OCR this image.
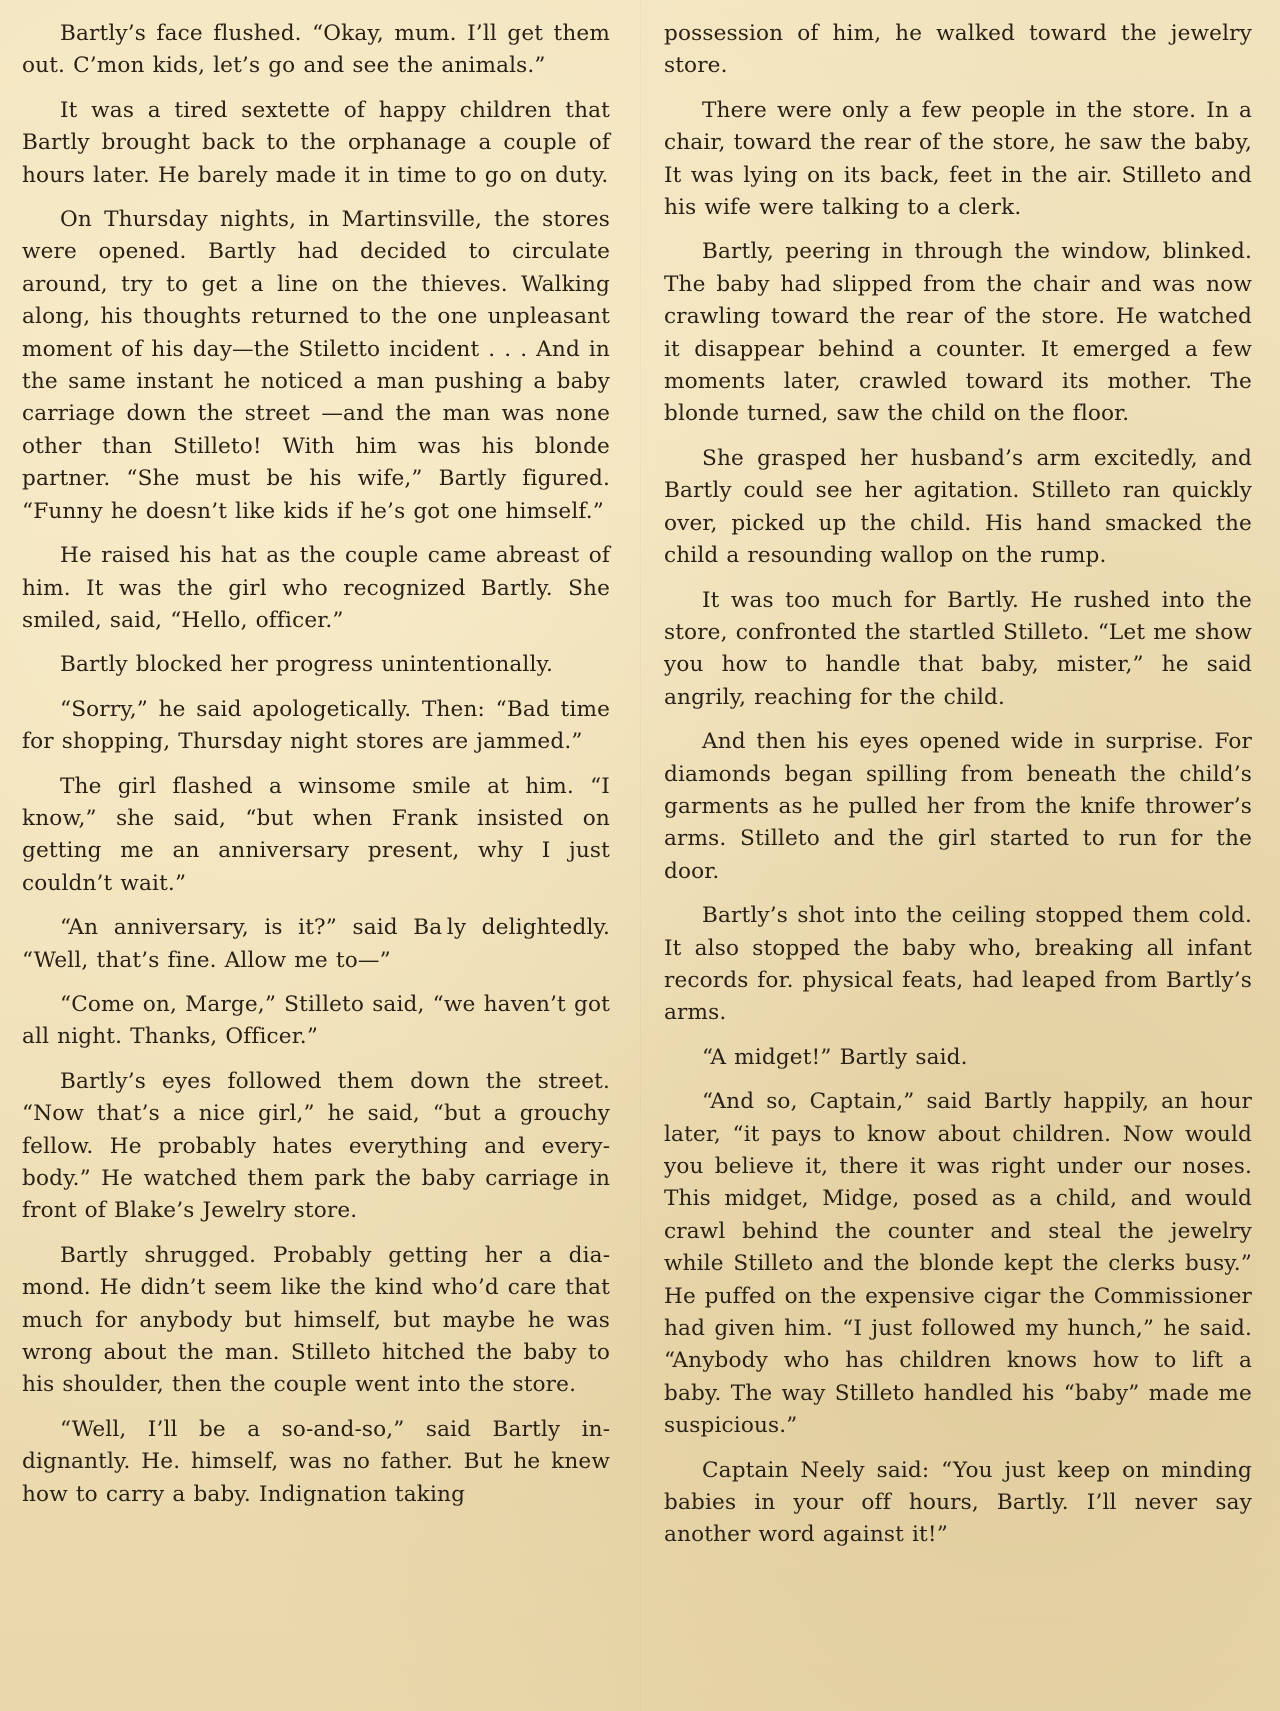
Bartly’s face flushed. “Okay, mum. I’ll get them out. C’mon kids, let’s go and see the animals.”

It was a tired sextette of happy children that Bartly brought back to the orphanage a couple of hours later. He barely made it in time to go on duty.

On Thursday nights, in Martinsville, the stores were opened. Bartly had decided to circulate around, try to get a line on the thieves. Walking along, his thoughts returned to the one unpleasant moment of his day—the Stiletto incident . . . And in the same instant he noticed a man pushing a baby carriage down the street —and the man was none other than Stilleto! With him was his blonde partner. “She must be his wife,” Bartly figured. “Funny he doesn’t like kids if he’s got one himself.”

He raised his hat as the couple came abreast of him. It was the girl who recognized Bartly. She smiled, said, “Hello, officer.”

Bartly blocked her progress unintentionally.

“Sorry,” he said apologetically. Then: “Bad time for shopping, Thursday night stores are jammed.”

The girl flashed a winsome smile at him. “I know,” she said, “but when Frank insisted on getting me an anniversary present, why I just couldn’t wait.”

“An anniversary, is it?” said Ba ly delightedly. “Well, that’s fine. Allow me to—”

“Come on, Marge,” Stilleto said, “we haven’t got all night. Thanks, Officer.”

Bartly’s eyes followed them down the street. “Now that’s a nice girl,” he said, “but a grouchy fellow. He probably hates everything and everybody.” He watched them park the baby carriage in front of Blake’s Jewelry store.

Bartly shrugged. Probably getting her a diamond. He didn’t seem like the kind who’d care that much for anybody but himself, but maybe he was wrong about the man. Stilleto hitched the baby to his shoulder, then the couple went into the store.

“Well, I’ll be a so-and-so,” said Bartly indignantly. He. himself, was no father. But he knew how to carry a baby. Indignation taking

possession of him, he walked toward the jewelry store.

There were only a few people in the store. In a chair, toward the rear of the store, he saw the baby, It was lying on its back, feet in the air. Stilleto and his wife were talking to a clerk.

Bartly, peering in through the window, blinked. The baby had slipped from the chair and was now crawling toward the rear of the store. He watched it disappear behind a counter. It emerged a few moments later, crawled toward its mother. The blonde turned, saw the child on the floor.

She grasped her husband’s arm excitedly, and Bartly could see her agitation. Stilleto ran quickly over, picked up the child. His hand smacked the child a resounding wallop on the rump.

It was too much for Bartly. He rushed into the store, confronted the startled Stilleto. “Let me show you how to handle that baby, mister,” he said angrily, reaching for the child.

And then his eyes opened wide in surprise. For diamonds began spilling from beneath the child’s garments as he pulled her from the knife thrower’s arms. Stilleto and the girl started to run for the door.

Bartly’s shot into the ceiling stopped them cold. It also stopped the baby who, breaking all infant records for. physical feats, had leaped from Bartly’s arms.

“A midget!” Bartly said.

“And so, Captain,” said Bartly happily, an hour later, “it pays to know about children. Now would you believe it, there it was right under our noses. This midget, Midge, posed as a child, and would crawl behind the counter and steal the jewelry while Stilleto and the blonde kept the clerks busy.” He puffed on the expensive cigar the Commissioner had given him. “I just followed my hunch,” he said. “Anybody who has children knows how to lift a baby. The way Stilleto handled his “baby” made me suspicious.”

Captain Neely said: “You just keep on minding babies in your off hours, Bartly. I’ll never say another word against it!”
